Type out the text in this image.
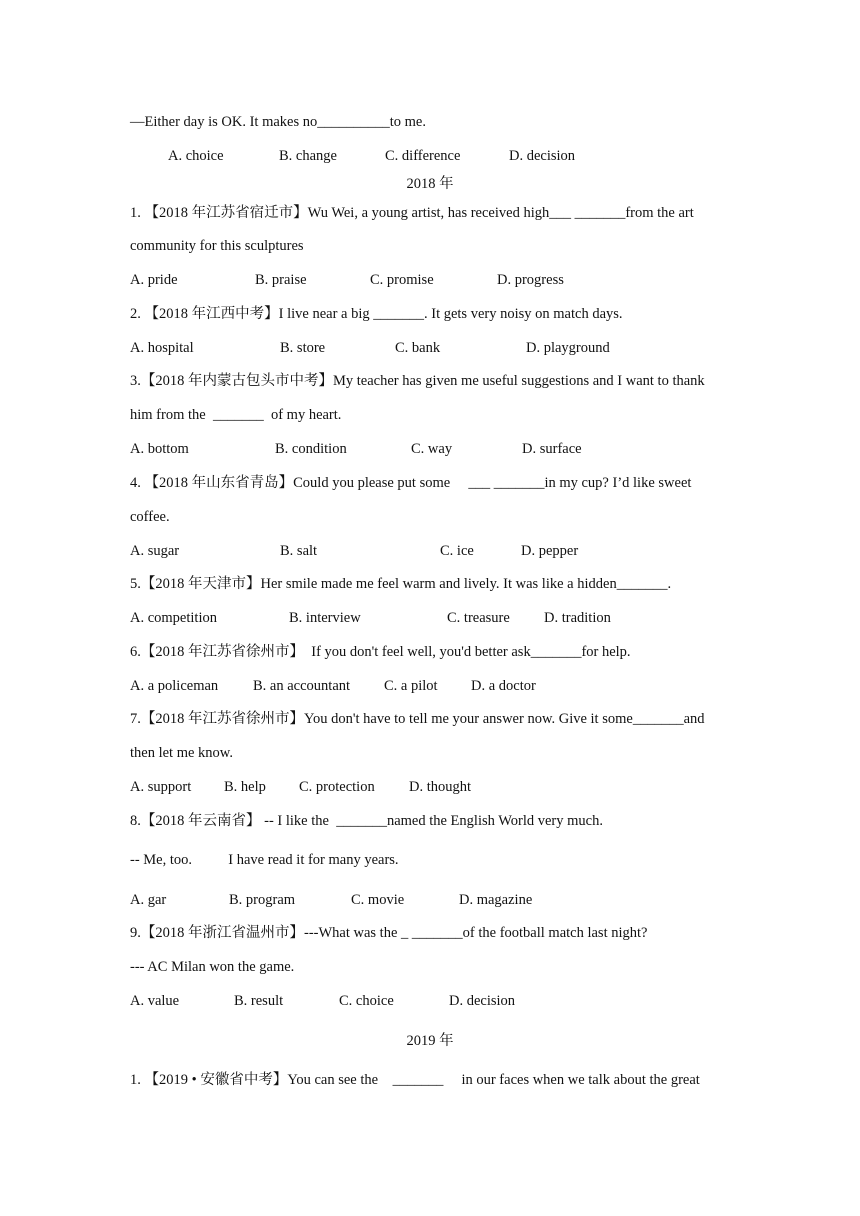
—Either day is OK. It makes no__________to me.
A. choice	B. change	C. difference	D. decision
2018 年
1. 【2018 年江苏省宿迁市】Wu Wei, a young artist, has received high___ _______from the art
community for this sculptures
A. pride	B. praise	C. promise	D. progress
2. 【2018 年江西中考】I live near a big _______. It gets very noisy on match days.
A. hospital	B. store	C. bank	D. playground
3.【2018 年内蒙古包头市中考】My teacher has given me useful suggestions and I want to thank
him from the  _______  of my heart.
A. bottom	B. condition	C. way	D. surface
4. 【2018 年山东省青岛】Could you please put some     ___ _______in my cup? I’d like sweet
coffee.
A. sugar	B. salt	C. ice	D. pepper
5.【2018 年天津市】Her smile made me feel warm and lively. It was like a hidden_______.
A. competition	B. interview	C. treasure D. tradition
6.【2018 年江苏省徐州市】  If you don't feel well, you'd better ask_______for help.
A. a policeman B. an accountant C. a pilot D. a doctor
7.【2018 年江苏省徐州市】You don't have to tell me your answer now. Give it some_______and
then let me know.
A. support B. help C. protection D. thought
8.【2018 年云南省】 -- I like the  _______named the English World very much.
-- Me, too.          I have read it for many years.
A. gar	B. program	C. movie	D. magazine
9.【2018 年浙江省温州市】---What was the _ _______of the football match last night?
--- AC Milan won the game.
A. value	B. result	C. choice	D. decision
2019 年
1. 【2019 • 安徽省中考】You can see the    _______     in our faces when we talk about the great
